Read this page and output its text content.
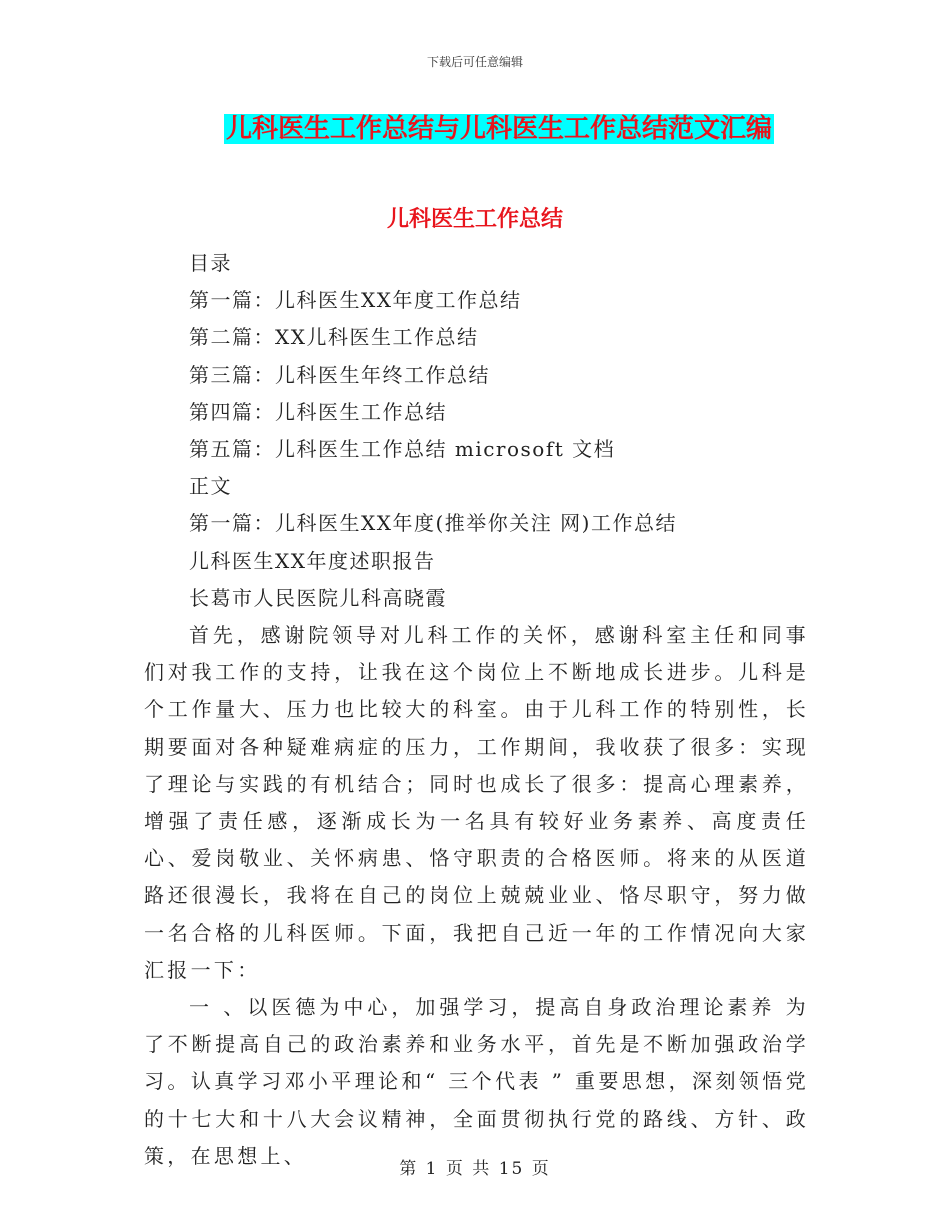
下载后可任意编辑
儿科医生工作总结与儿科医生工作总结范文汇编
儿科医生工作总结

目录

第一篇：儿科医生XX年度工作总结

第二篇：XX儿科医生工作总结

第三篇：儿科医生年终工作总结

第四篇：儿科医生工作总结

第五篇：儿科医生工作总结 microsoft 文档

正文

第一篇：儿科医生XX年度(推举你关注 网)工作总结

儿科医生XX年度述职报告

长葛市人民医院儿科高晓霞

首先，感谢院领导对儿科工作的关怀，感谢科室主任和同事们对我工作的支持，让我在这个岗位上不断地成长进步。儿科是个工作量大、压力也比较大的科室。由于儿科工作的特别性，长期要面对各种疑难病症的压力，工作期间，我收获了很多：实现了理论与实践的有机结合；同时也成长了很多：提高心理素养，增强了责任感，逐渐成长为一名具有较好业务素养、高度责任心、爱岗敬业、关怀病患、恪守职责的合格医师。将来的从医道路还很漫长，我将在自己的岗位上兢兢业业、恪尽职守，努力做一名合格的儿科医师。下面，我把自己近一年的工作情况向大家汇报一下：

一 、以医德为中心，加强学习，提高自身政治理论素养 为了不断提高自己的政治素养和业务水平，首先是不断加强政治学习。认真学习邓小平理论和“ 三个代表 ” 重要思想，深刻领悟党的十七大和十八大会议精神，全面贯彻执行党的路线、方针、政策，在思想上、

第 1 页 共 15 页
